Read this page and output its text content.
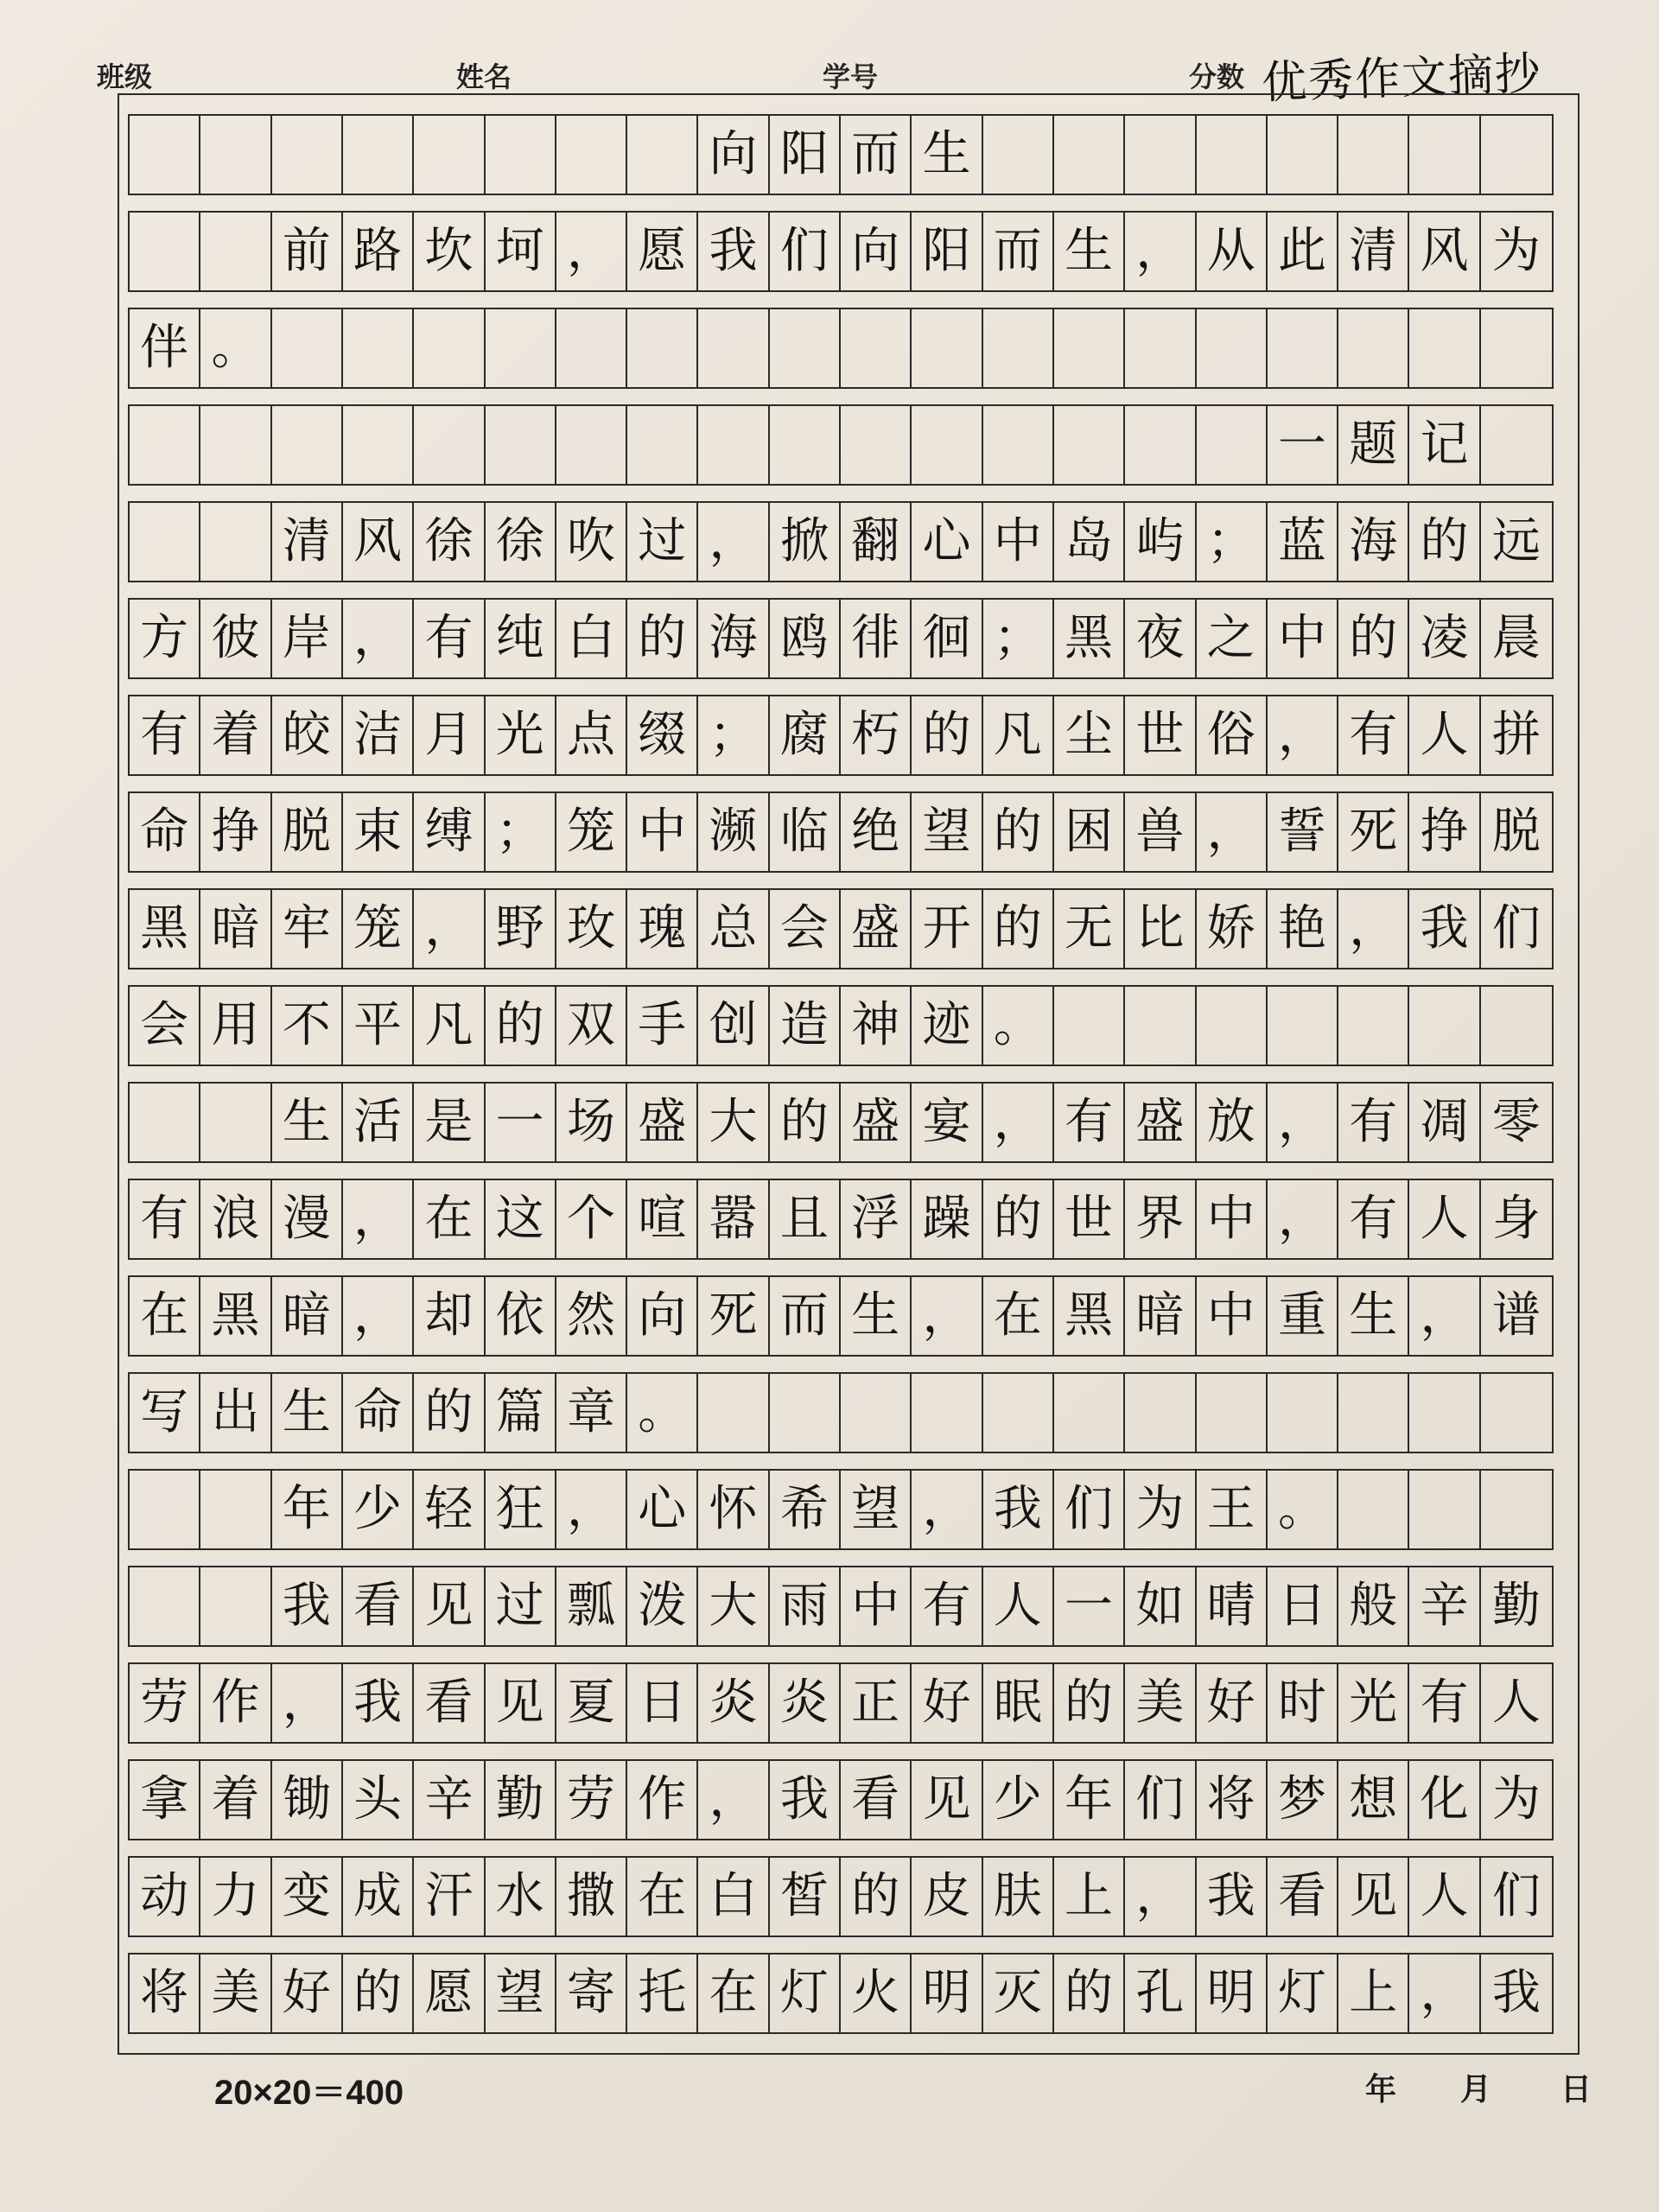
班级	姓名	学号	分数 优秀作文摘抄
向 阳 而 生
前 路 坎 坷 ， 愿 我 们 向 阳 而 生 ， 从 此 清 风 为
伴 。
一 题 记
清 风 徐 徐 吹 过 ， 掀 翻 心 中 岛 屿 ； 蓝 海 的 远
方 彼 岸 ， 有 纯 白 的 海 鸥 徘 徊 ； 黑 夜 之 中 的 凌 晨
有 着 皎 洁 月 光 点 缀 ； 腐 朽 的 凡 尘 世 俗 ， 有 人 拼
命 挣 脱 束 缚 ； 笼 中 濒 临 绝 望 的 困 兽 ， 誓 死 挣 脱
黑 暗 牢 笼 ， 野 玫 瑰 总 会 盛 开 的 无 比 娇 艳 ， 我 们
会 用 不 平 凡 的 双 手 创 造 神 迹 。
生 活 是 一 场 盛 大 的 盛 宴 ， 有 盛 放 ， 有 凋 零
有 浪 漫 ， 在 这 个 喧 嚣 且 浮 躁 的 世 界 中 ， 有 人 身
在 黑 暗 ， 却 依 然 向 死 而 生 ， 在 黑 暗 中 重 生 ， 谱
写 出 生 命 的 篇 章 。
年 少 轻 狂 ， 心 怀 希 望 ， 我 们 为 王 。
我 看 见 过 瓢 泼 大 雨 中 有 人 一 如 晴 日 般 辛 勤
劳 作 ， 我 看 见 夏 日 炎 炎 正 好 眠 的 美 好 时 光 有 人
拿 着 锄 头 辛 勤 劳 作 ， 我 看 见 少 年 们 将 梦 想 化 为
动 力 变 成 汗 水 撒 在 白 皙 的 皮 肤 上 ， 我 看 见 人 们
将 美 好 的 愿 望 寄 托 在 灯 火 明 灭 的 孔 明 灯 上 ， 我
20×20＝400	年 月 日
